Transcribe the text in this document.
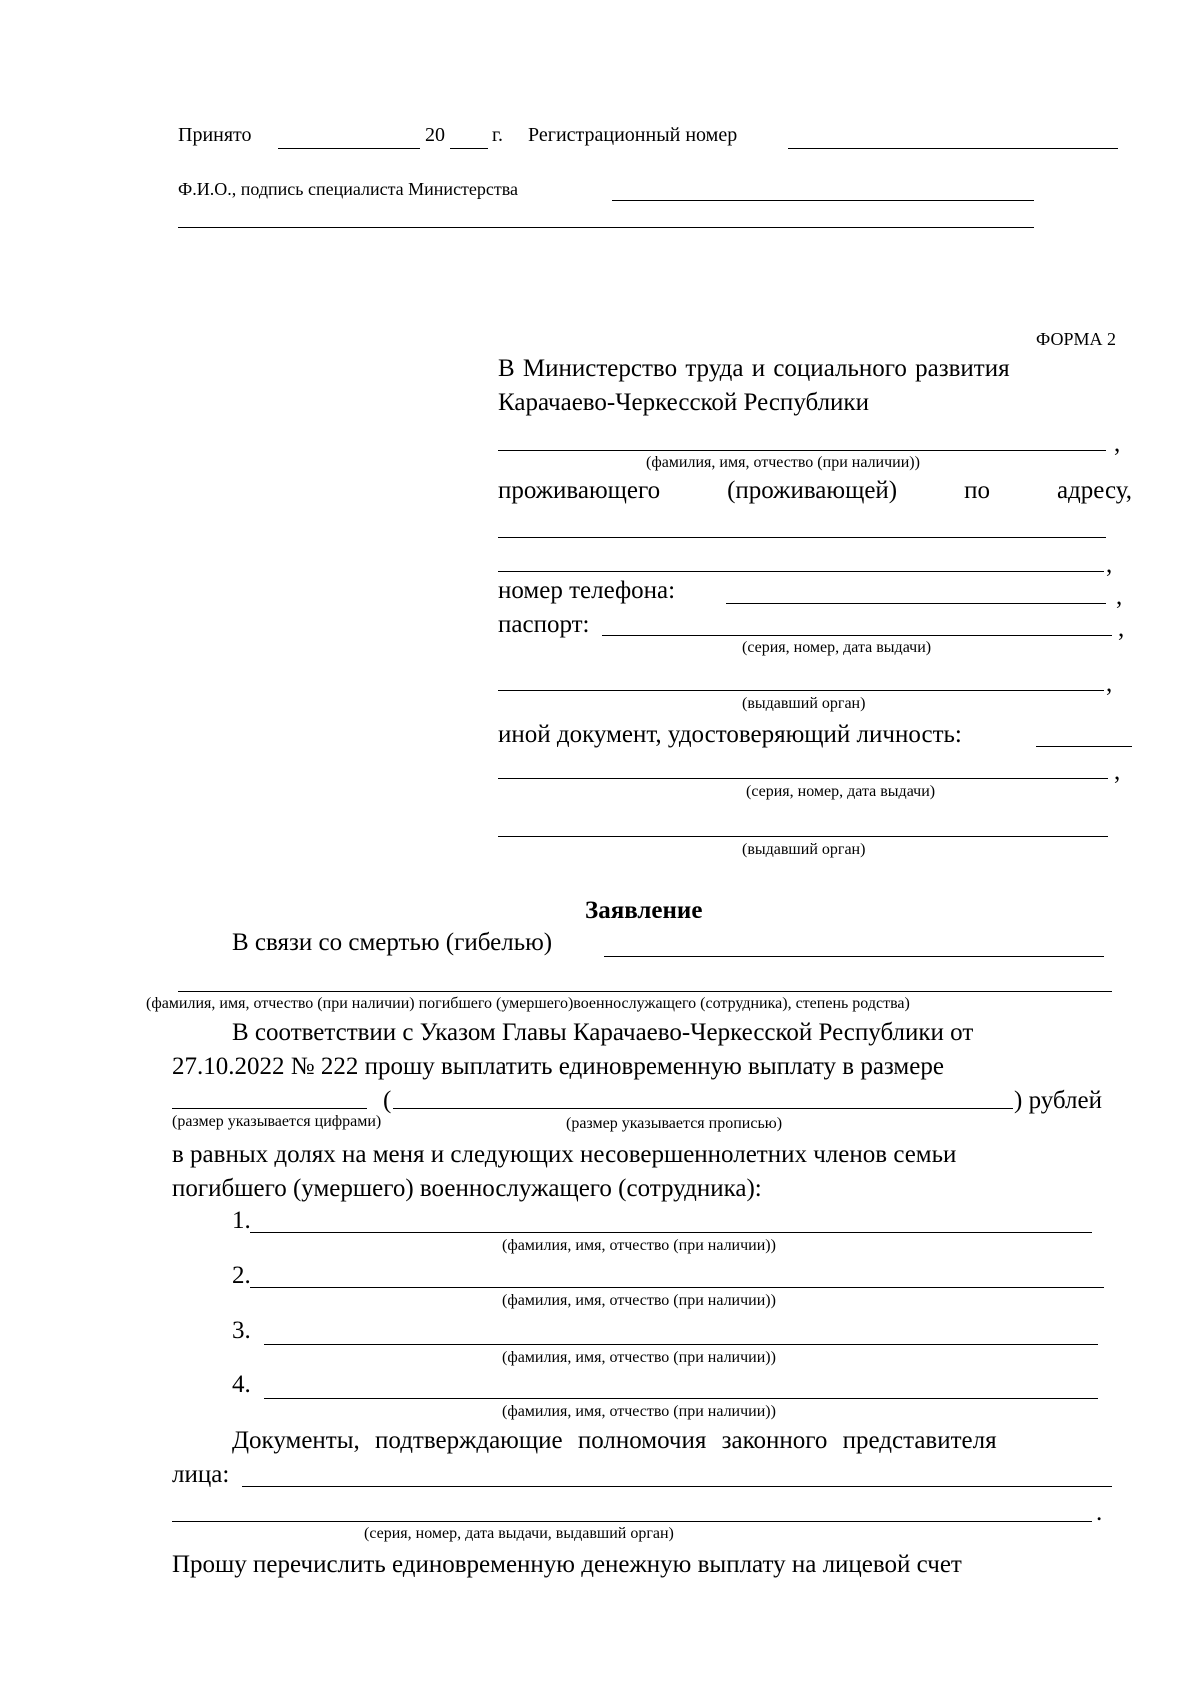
Принято	20 г. Регистрационный номер
Ф.И.О., подпись специалиста Министерства
ФОРМА 2
В Министерство труда и социального развития
Карачаево-Черкесской Республики
,
(фамилия, имя, отчество (при наличии))
проживающего	(проживающей)	по	адресу,
,
номер телефона:	,
паспорт:	,
(серия, номер, дата выдачи)
,
(выдавший орган)
иной документ, удостоверяющий личность:
,
(серия, номер, дата выдачи)
(выдавший орган)
Заявление
В связи со смертью (гибелью)
(фамилия, имя, отчество (при наличии) погибшего (умершего)военнослужащего (сотрудника), степень родства)
В соответствии с Указом Главы Карачаево-Черкесской Республики от
27.10.2022 № 222 прошу выплатить единовременную выплату в размере
(	) рублей
(размер указывается цифрами)	(размер указывается прописью)
в равных долях на меня и следующих несовершеннолетних членов семьи
погибшего (умершего) военнослужащего (сотрудника):
1.
(фамилия, имя, отчество (при наличии))
2.
(фамилия, имя, отчество (при наличии))
3.
(фамилия, имя, отчество (при наличии))
4.
(фамилия, имя, отчество (при наличии))
Документы, подтверждающие полномочия законного представителя
лица:
.
(серия, номер, дата выдачи, выдавший орган)
Прошу перечислить единовременную денежную выплату на лицевой счет
